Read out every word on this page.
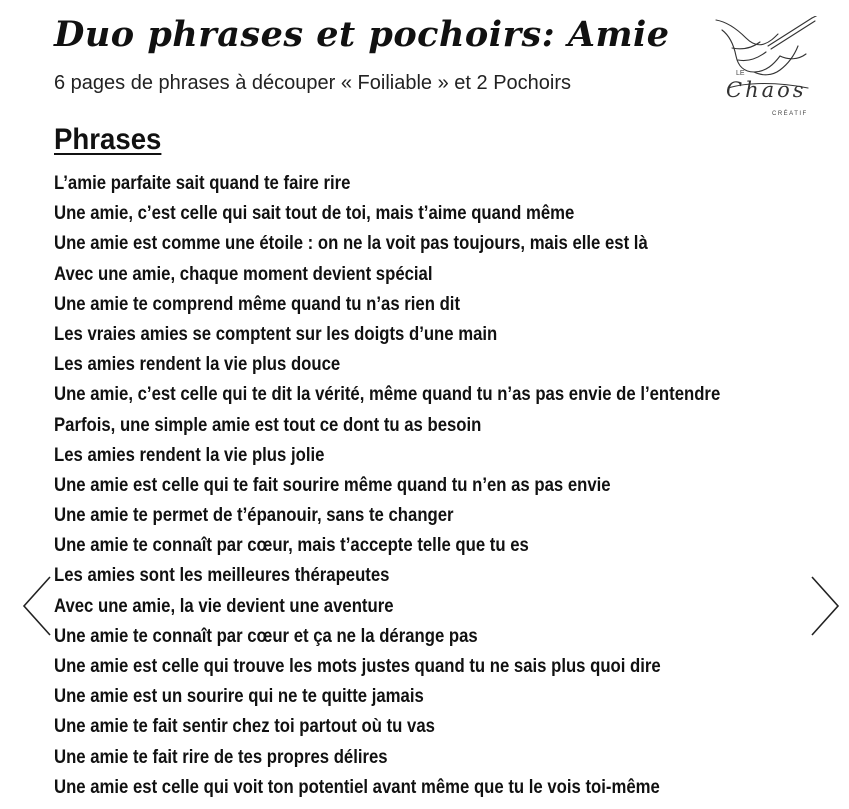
Duo phrases et pochoirs: Amie
6 pages de phrases à découper « Foiliable » et 2 Pochoirs	LE
Chaos
CRÉATIF
Phrases
L’amie parfaite sait quand te faire rire
Une amie, c’est celle qui sait tout de toi, mais t’aime quand même
Une amie est comme une étoile : on ne la voit pas toujours, mais elle est là
Avec une amie, chaque moment devient spécial
Une amie te comprend même quand tu n’as rien dit
Les vraies amies se comptent sur les doigts d’une main
Les amies rendent la vie plus douce
Une amie, c’est celle qui te dit la vérité, même quand tu n’as pas envie de l’entendre
Parfois, une simple amie est tout ce dont tu as besoin
Les amies rendent la vie plus jolie
Une amie est celle qui te fait sourire même quand tu n’en as pas envie
Une amie te permet de t’épanouir, sans te changer
Une amie te connaît par cœur, mais t’accepte telle que tu es
Les amies sont les meilleures thérapeutes
Avec une amie, la vie devient une aventure
Une amie te connaît par cœur et ça ne la dérange pas
Une amie est celle qui trouve les mots justes quand tu ne sais plus quoi dire
Une amie est un sourire qui ne te quitte jamais
Une amie te fait sentir chez toi partout où tu vas
Une amie te fait rire de tes propres délires
Une amie est celle qui voit ton potentiel avant même que tu le vois toi-même
